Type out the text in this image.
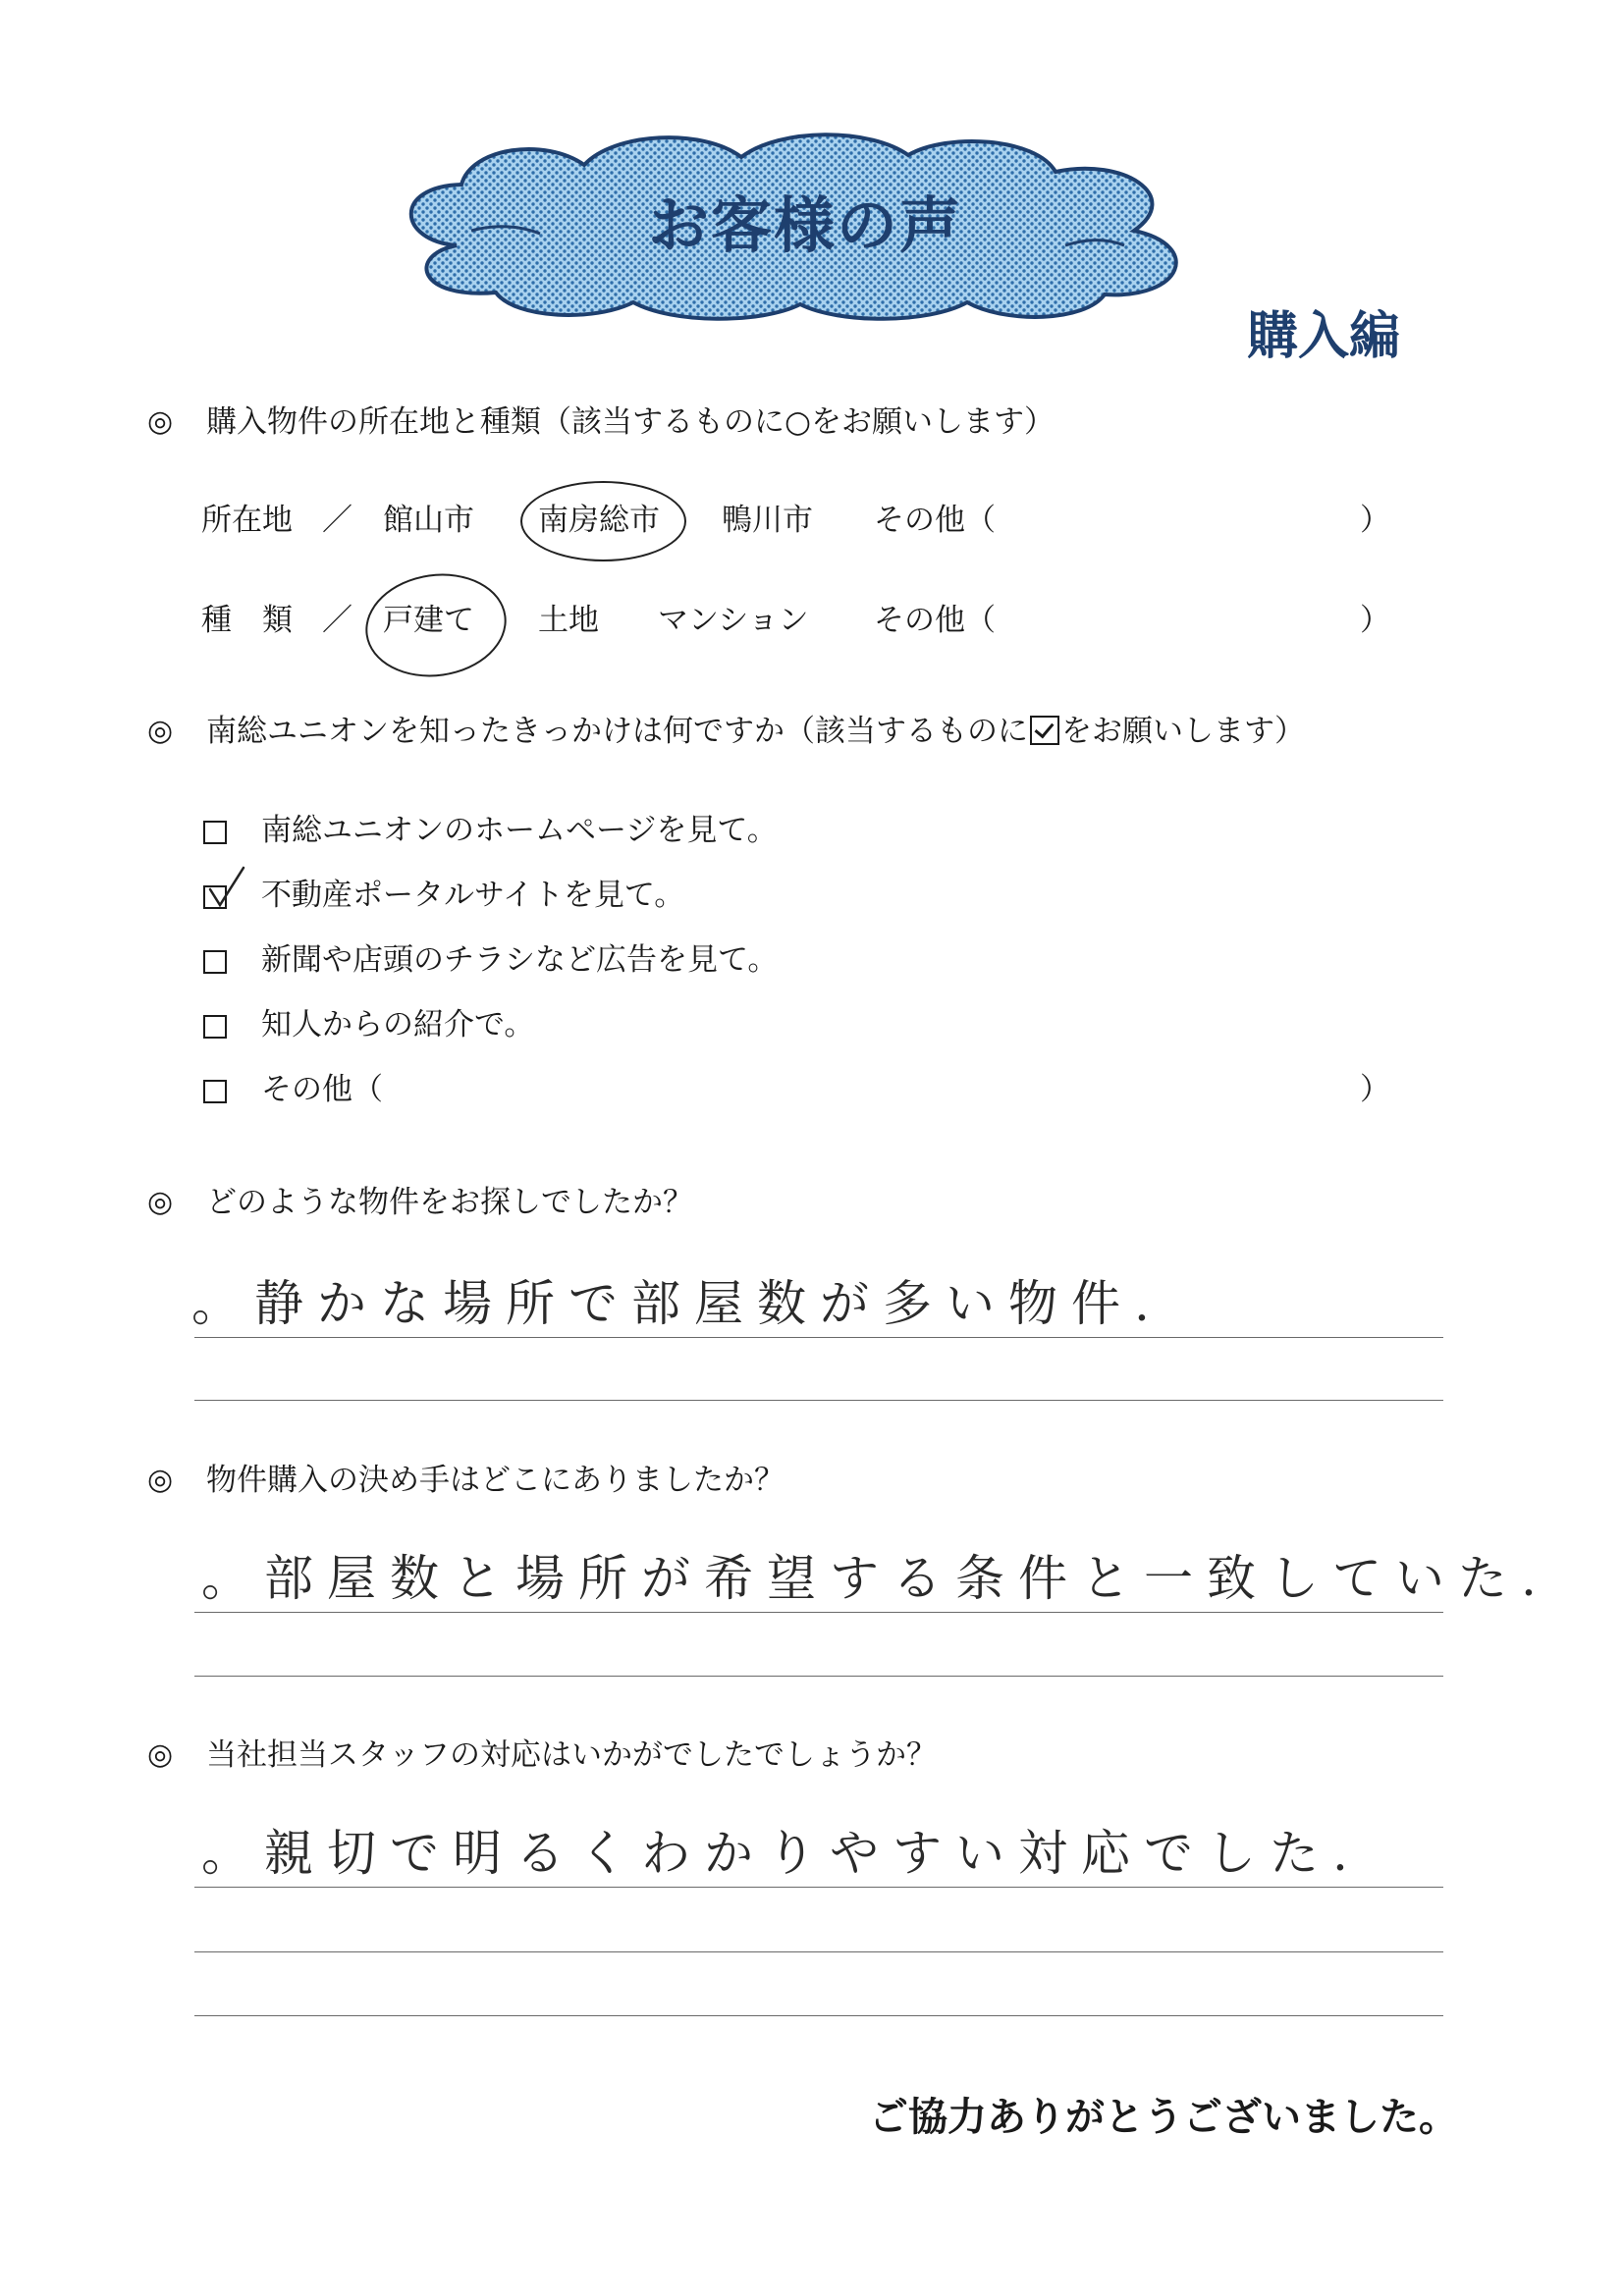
お客様の声
購入編
◎ 購入物件の所在地と種類（該当するものに○をお願いします）
所在地 ／ 館山市 南房総市 鴨川市 その他（	）
種　類 ／ 戸建て 土地 マンション その他（	）
◎ 南総ユニオンを知ったきっかけは何ですか（該当するものに をお願いします）
南総ユニオンのホームページを見て。
不動産ポータルサイトを見て。
新聞や店頭のチラシなど広告を見て。
知人からの紹介で。
その他（	）
◎ どのような物件をお探しでしたか？
。静かな場所で部屋数が多い物件.
◎ 物件購入の決め手はどこにありましたか？
。部屋数と場所が希望する条件と一致していた.
◎ 当社担当スタッフの対応はいかがでしたでしょうか？
。親切で明るくわかりやすい対応でした.
ご協力ありがとうございました。
